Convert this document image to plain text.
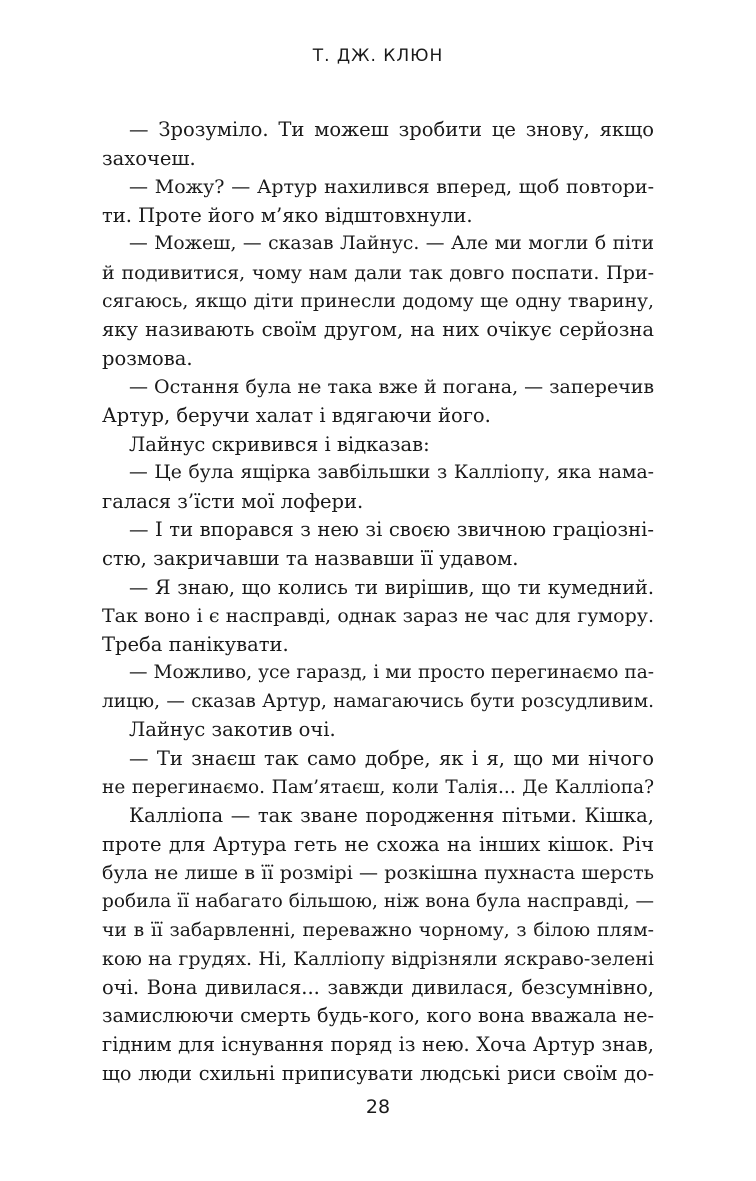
Т. ДЖ. КЛЮН
— Зрозуміло. Ти можеш зробити це знову, якщо
захочеш.
— Можу? — Артур нахилився вперед, щоб повтори-
ти. Проте його м’яко відштовхнули.
— Можеш, — сказав Лайнус. — Але ми могли б піти
й подивитися, чому нам дали так довго поспати. При-
сягаюсь, якщо діти принесли додому ще одну тварину,
яку називають своїм другом, на них очікує серйозна
розмова.
— Остання була не така вже й погана, — заперечив
Артур, беручи халат і вдягаючи його.
Лайнус скривився і відказав:
— Це була ящірка завбільшки з Калліопу, яка нама-
галася з’їсти мої лофери.
— І ти впорався з нею зі своєю звичною граціозні-
стю, закричавши та назвавши її удавом.
— Я знаю, що колись ти вирішив, що ти кумедний.
Так воно і є насправді, однак зараз не час для гумору.
Треба панікувати.
— Можливо, усе гаразд, і ми просто перегинаємо па-
лицю, — сказав Артур, намагаючись бути розсудливим.
Лайнус закотив очі.
— Ти знаєш так само добре, як і я, що ми нічого
не перегинаємо. Пам’ятаєш, коли Талія... Де Калліопа?
Калліопа — так зване породження пітьми. Кішка,
проте для Артура геть не схожа на інших кішок. Річ
була не лише в її розмірі — розкішна пухнаста шерсть
робила її набагато більшою, ніж вона була насправді, —
чи в її забарвленні, переважно чорному, з білою плям-
кою на грудях. Ні, Калліопу відрізняли яскраво-зелені
очі. Вона дивилася... завжди дивилася, безсумнівно,
замислюючи смерть будь-кого, кого вона вважала не-
гідним для існування поряд із нею. Хоча Артур знав,
що люди схильні приписувати людські риси своїм до-
28
